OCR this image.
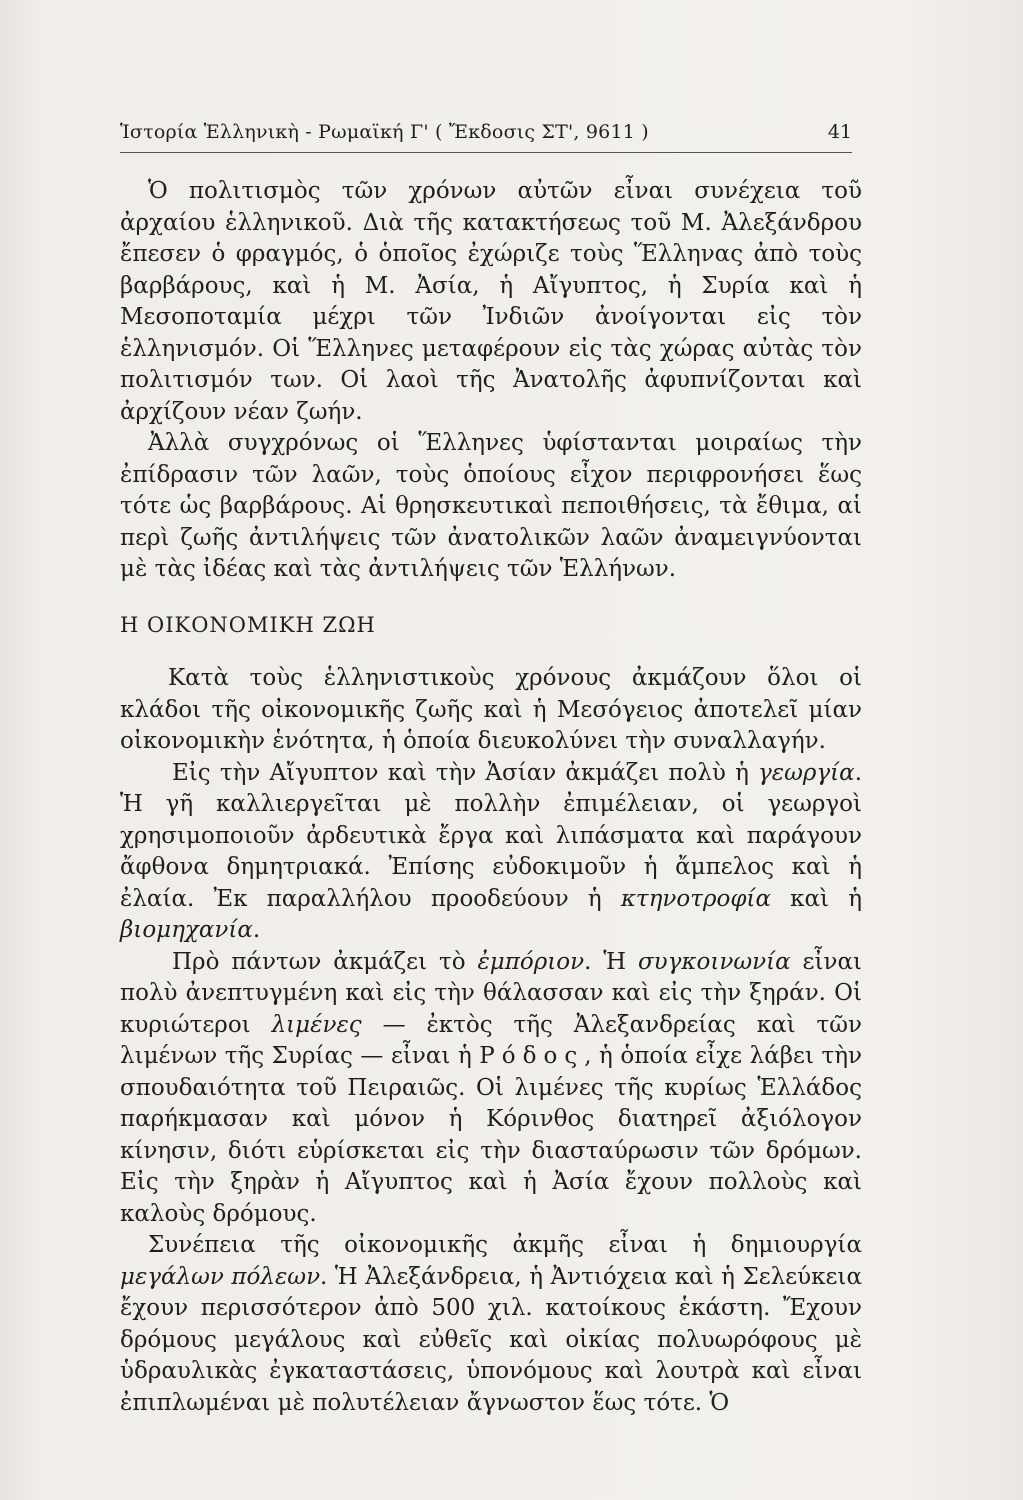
Ἱστορία Ἑλληνικὴ - Ρωμαϊκή Γ' ( Ἔκδοσις ΣΤ', 9611 )	41

Ὁ πολιτισμὸς τῶν χρόνων αὐτῶν εἶναι συνέχεια τοῦ ἀρχαίου ἑλληνικοῦ. Διὰ τῆς κατακτήσεως τοῦ Μ. Ἀλεξάνδρου ἔπεσεν ὁ φραγμός, ὁ ὁποῖος ἐχώριζε τοὺς Ἕλληνας ἀπὸ τοὺς βαρβάρους, καὶ ἡ Μ. Ἀσία, ἡ Αἴγυπτος, ἡ Συρία καὶ ἡ Μεσοποταμία μέχρι τῶν Ἰνδιῶν ἀνοίγονται εἰς τὸν ἑλληνισμόν. Οἱ Ἕλληνες μεταφέρουν εἰς τὰς χώρας αὐτὰς τὸν πολιτισμόν των. Οἱ λαοὶ τῆς Ἀνατολῆς ἀφυπνίζονται καὶ ἀρχίζουν νέαν ζωήν.

Ἀλλὰ συγχρόνως οἱ Ἕλληνες ὑφίστανται μοιραίως τὴν ἐπίδρασιν τῶν λαῶν, τοὺς ὁποίους εἶχον περιφρονήσει ἕως τότε ὡς βαρβάρους. Αἱ θρησκευτικαὶ πεποιθήσεις, τὰ ἔθιμα, αἱ περὶ ζωῆς ἀντιλήψεις τῶν ἀνατολικῶν λαῶν ἀναμειγνύονται μὲ τὰς ἰδέας καὶ τὰς ἀντιλήψεις τῶν Ἑλλήνων.

Η ΟΙΚΟΝΟΜΙΚΗ ΖΩΗ

Κατὰ τοὺς ἑλληνιστικοὺς χρόνους ἀκμάζουν ὅλοι οἱ κλάδοι τῆς οἰκονομικῆς ζωῆς καὶ ἡ Μεσόγειος ἀποτελεῖ μίαν οἰκονομικὴν ἑνότητα, ἡ ὁποία διευκολύνει τὴν συναλλαγήν.

Εἰς τὴν Αἴγυπτον καὶ τὴν Ἀσίαν ἀκμάζει πολὺ ἡ γεωργία. Ἡ γῆ καλλιεργεῖται μὲ πολλὴν ἐπιμέλειαν, οἱ γεωργοὶ χρησιμοποιοῦν ἀρδευτικὰ ἔργα καὶ λιπάσματα καὶ παράγουν ἄφθονα δημητριακά. Ἐπίσης εὐδοκιμοῦν ἡ ἄμπελος καὶ ἡ ἐλαία. Ἐκ παραλλήλου προοδεύουν ἡ κτηνοτροφία καὶ ἡ βιομηχανία.

Πρὸ πάντων ἀκμάζει τὸ ἐμπόριον. Ἡ συγκοινωνία εἶναι πολὺ ἀνεπτυγμένη καὶ εἰς τὴν θάλασσαν καὶ εἰς τὴν ξηράν. Οἱ κυριώτεροι λιμένες — ἐκτὸς τῆς Ἀλεξανδρείας καὶ τῶν λιμένων τῆς Συρίας — εἶναι ἡ Ρόδος, ἡ ὁποία εἶχε λάβει τὴν σπουδαιότητα τοῦ Πειραιῶς. Οἱ λιμένες τῆς κυρίως Ἑλλάδος παρήκμασαν καὶ μόνον ἡ Κόρινθος διατηρεῖ ἀξιόλογον κίνησιν, διότι εὑρίσκεται εἰς τὴν διασταύρωσιν τῶν δρόμων. Εἰς τὴν ξηρὰν ἡ Αἴγυπτος καὶ ἡ Ἀσία ἔχουν πολλοὺς καὶ καλοὺς δρόμους.

Συνέπεια τῆς οἰκονομικῆς ἀκμῆς εἶναι ἡ δημιουργία μεγάλων πόλεων. Ἡ Ἀλεξάνδρεια, ἡ Ἀντιόχεια καὶ ἡ Σελεύκεια ἔχουν περισσότερον ἀπὸ 500 χιλ. κατοίκους ἑκάστη. Ἔχουν δρόμους μεγάλους καὶ εὐθεῖς καὶ οἰκίας πολυωρόφους μὲ ὑδραυλικὰς ἐγκαταστάσεις, ὑπονόμους καὶ λουτρὰ καὶ εἶναι ἐπιπλωμέναι μὲ πολυτέλειαν ἄγνωστον ἕως τότε. Ὁ
